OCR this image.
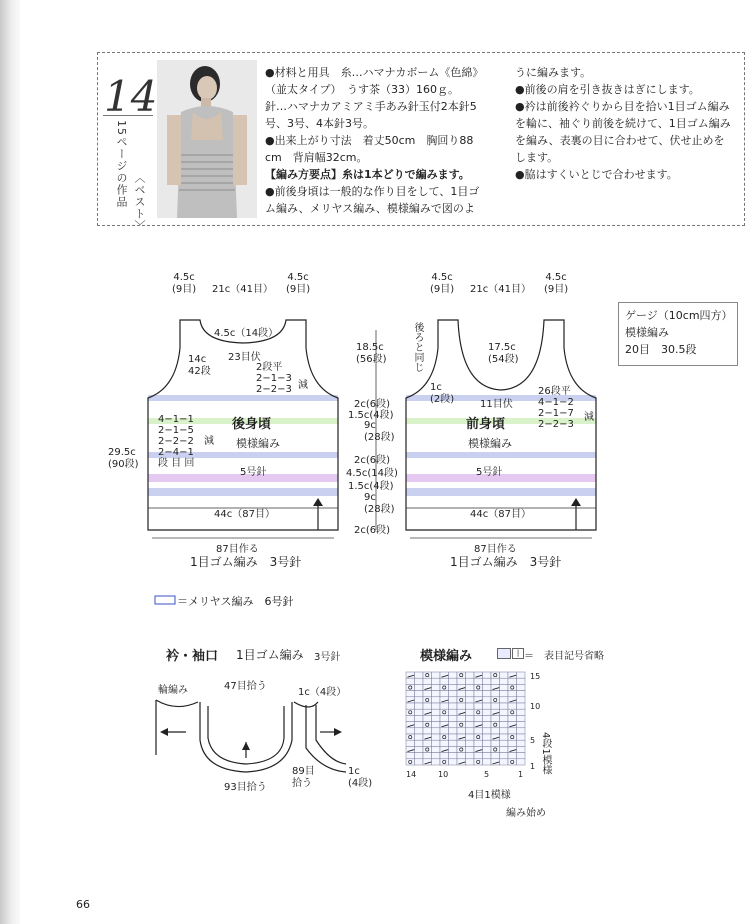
14
15ページの作品 〈ベスト〉
●材料と用具　糸…ハマナカボーム《色綿》
（並太タイプ）　うす茶（33）160ｇ。
針…ハマナカアミアミ手あみ針玉付2本針5
号、3号、4本針3号。
●出来上がり寸法　着丈50cm　胸回り88
cm　背肩幅32cm。
【編み方要点】糸は1本どりで編みます。
●前後身頃は一般的な作り目をして、1目ゴ
ム編み、メリヤス編み、模様編みで図のよ
うに編みます。
●前後の肩を引き抜きはぎにします。
●衿は前後衿ぐりから目を拾い1目ゴム編み
を輪に、袖ぐり前後を続けて、1目ゴム編み
を編み、表裏の目に合わせて、伏せ止めを
します。
●脇はすくいとじで合わせます。
ゲージ（10cm四方）
模様編み
20目　30.5段
4.5c
(9目) 21c（41目）
4.5c
(9目)
4.5c（14段）
23目伏
14c
42段	2段平
2−1−3
2−2−3 減
4−1−1
2−1−5
2−2−2
2−4−1
段 目 回
減
後身頃
模様編み
5号針
29.5c
(90段)
44c（87目）
87目作る
1目ゴム編み　3号針
18.5c
(56段)
2c(6段)
1.5c(4段)
9c
(28段)
2c(6段)
4.5c(14段)
1.5c(4段)
9c
(28段)
2c(6段)
4.5c
(9目) 21c（41目）
4.5c
(9目)
後ろと同じ	17.5c
(54段)
1c
(2段)	11目伏
26段平
4−1−2
2−1−7
2−2−3
減
前身頃
模様編み
5号針
44c（87目）
87目作る
1目ゴム編み　3号針
＝メリヤス編み　6号針
衿・袖口 1目ゴム編み 3号針
輪編み	47目拾う
1c（4段）
93目拾う
89目
拾う
1c
(4段)
模様編み	| ＝　表目記号省略
15
10
5
1
14	10	5	1 4段1模様
4目1模様
編み始め
66
